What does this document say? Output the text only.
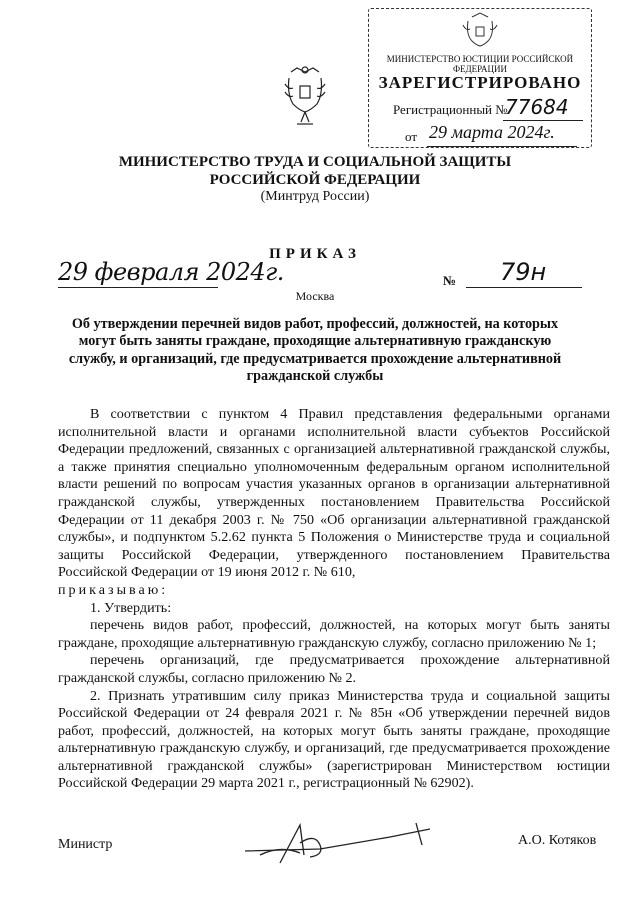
МИНИСТЕРСТВО ЮСТИЦИИ РОССИЙСКОЙ ФЕДЕРАЦИИ
ЗАРЕГИСТРИРОВАНО
Регистрационный №
77684
от 29 марта 2024г.
МИНИСТЕРСТВО ТРУДА И СОЦИАЛЬНОЙ ЗАЩИТЫ
РОССИЙСКОЙ ФЕДЕРАЦИИ
(Минтруд России)
ПРИКАЗ
29 февраля 2024г.	№ 79н
Москва
Об утверждении перечней видов работ, профессий, должностей, на которых могут быть заняты граждане, проходящие альтернативную гражданскую службу, и организаций, где предусматривается прохождение альтернативной гражданской службы

В соответствии с пунктом 4 Правил представления федеральными органами исполнительной власти и органами исполнительной власти субъектов Российской Федерации предложений, связанных с организацией альтернативной гражданской службы, а также принятия специально уполномоченным федеральным органом исполнительной власти решений по вопросам участия указанных органов в организации альтернативной гражданской службы, утвержденных постановлением Правительства Российской Федерации от 11 декабря 2003 г. № 750 «Об организации альтернативной гражданской службы», и подпунктом 5.2.62 пункта 5 Положения о Министерстве труда и социальной защиты Российской Федерации, утвержденного постановлением Правительства Российской Федерации от 19 июня 2012 г. № 610,

приказываю:

1. Утвердить:

перечень видов работ, профессий, должностей, на которых могут быть заняты граждане, проходящие альтернативную гражданскую службу, согласно приложению № 1;

перечень организаций, где предусматривается прохождение альтернативной гражданской службы, согласно приложению № 2.

2. Признать утратившим силу приказ Министерства труда и социальной защиты Российской Федерации от 24 февраля 2021 г. № 85н «Об утверждении перечней видов работ, профессий, должностей, на которых могут быть заняты граждане, проходящие альтернативную гражданскую службу, и организаций, где предусматривается прохождение альтернативной гражданской службы» (зарегистрирован Министерством юстиции Российской Федерации 29 марта 2021 г., регистрационный № 62902).

Министр	А.О. Котяков
